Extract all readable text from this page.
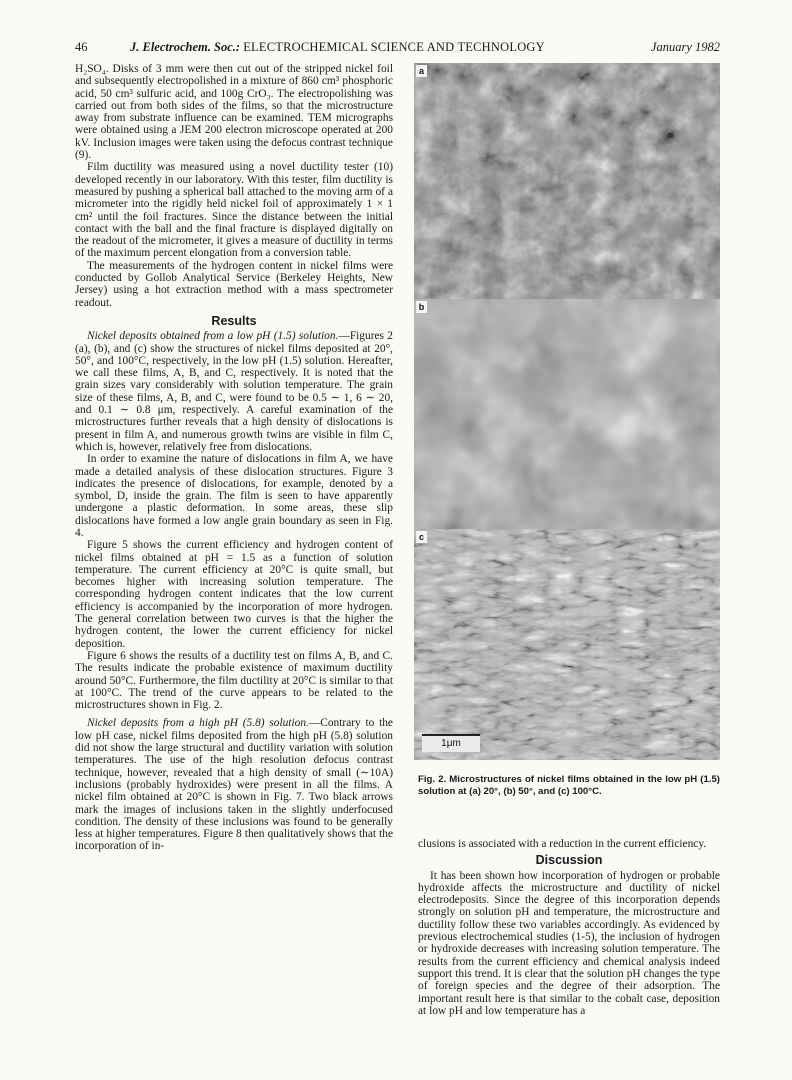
46	J. Electrochem. Soc.: ELECTROCHEMICAL SCIENCE AND TECHNOLOGY	January 1982

H₂SO₄. Disks of 3 mm were then cut out of the stripped nickel foil and subsequently electropolished in a mixture of 860 cm³ phosphoric acid, 50 cm³ sulfuric acid, and 100g CrO₃. The electropolishing was carried out from both sides of the films, so that the microstructure away from substrate influence can be examined. TEM micrographs were obtained using a JEM 200 electron microscope operated at 200 kV. Inclusion images were taken using the defocus contrast technique (9).

Film ductility was measured using a novel ductility tester (10) developed recently in our laboratory. With this tester, film ductility is measured by pushing a spherical ball attached to the moving arm of a micrometer into the rigidly held nickel foil of approximately 1 × 1 cm² until the foil fractures. Since the distance between the initial contact with the ball and the final fracture is displayed digitally on the readout of the micrometer, it gives a measure of ductility in terms of the maximum percent elongation from a conversion table.

The measurements of the hydrogen content in nickel films were conducted by Gollob Analytical Service (Berkeley Heights, New Jersey) using a hot extraction method with a mass spectrometer readout.

Results

Nickel deposits obtained from a low pH (1.5) solution.—Figures 2 (a), (b), and (c) show the structures of nickel films deposited at 20°, 50°, and 100°C, respectively, in the low pH (1.5) solution. Hereafter, we call these films, A, B, and C, respectively. It is noted that the grain sizes vary considerably with solution temperature. The grain size of these films, A, B, and C, were found to be 0.5 ∼ 1, 6 ∼ 20, and 0.1 ∼ 0.8 μm, respectively. A careful examination of the microstructures further reveals that a high density of dislocations is present in film A, and numerous growth twins are visible in film C, which is, however, relatively free from dislocations.

In order to examine the nature of dislocations in film A, we have made a detailed analysis of these dislocation structures. Figure 3 indicates the presence of dislocations, for example, denoted by a symbol, D, inside the grain. The film is seen to have apparently undergone a plastic deformation. In some areas, these slip dislocations have formed a low angle grain boundary as seen in Fig. 4.

Figure 5 shows the current efficiency and hydrogen content of nickel films obtained at pH = 1.5 as a function of solution temperature. The current efficiency at 20°C is quite small, but becomes higher with increasing solution temperature. The corresponding hydrogen content indicates that the low current efficiency is accompanied by the incorporation of more hydrogen. The general correlation between two curves is that the higher the hydrogen content, the lower the current efficiency for nickel deposition.

Figure 6 shows the results of a ductility test on films A, B, and C. The results indicate the probable existence of maximum ductility around 50°C. Furthermore, the film ductility at 20°C is similar to that at 100°C. The trend of the curve appears to be related to the microstructures shown in Fig. 2.

Nickel deposits from a high pH (5.8) solution.—Contrary to the low pH case, nickel films deposited from the high pH (5.8) solution did not show the large structural and ductility variation with solution temperatures. The use of the high resolution defocus contrast technique, however, revealed that a high density of small (∼10A) inclusions (probably hydroxides) were present in all the films. A nickel film obtained at 20°C is shown in Fig. 7. Two black arrows mark the images of inclusions taken in the slightly underfocused condition. The density of these inclusions was found to be generally less at higher temperatures. Figure 8 then qualitatively shows that the incorporation of in-

a
b
c
1μm
Fig. 2. Microstructures of nickel films obtained in the low pH (1.5) solution at (a) 20°, (b) 50°, and (c) 100°C.

clusions is associated with a reduction in the current efficiency.

Discussion

It has been shown how incorporation of hydrogen or probable hydroxide affects the microstructure and ductility of nickel electrodeposits. Since the degree of this incorporation depends strongly on solution pH and temperature, the microstructure and ductility follow these two variables accordingly. As evidenced by previous electrochemical studies (1-5), the inclusion of hydrogen or hydroxide decreases with increasing solution temperature. The results from the current efficiency and chemical analysis indeed support this trend. It is clear that the solution pH changes the type of foreign species and the degree of their adsorption. The important result here is that similar to the cobalt case, deposition at low pH and low temperature has a
